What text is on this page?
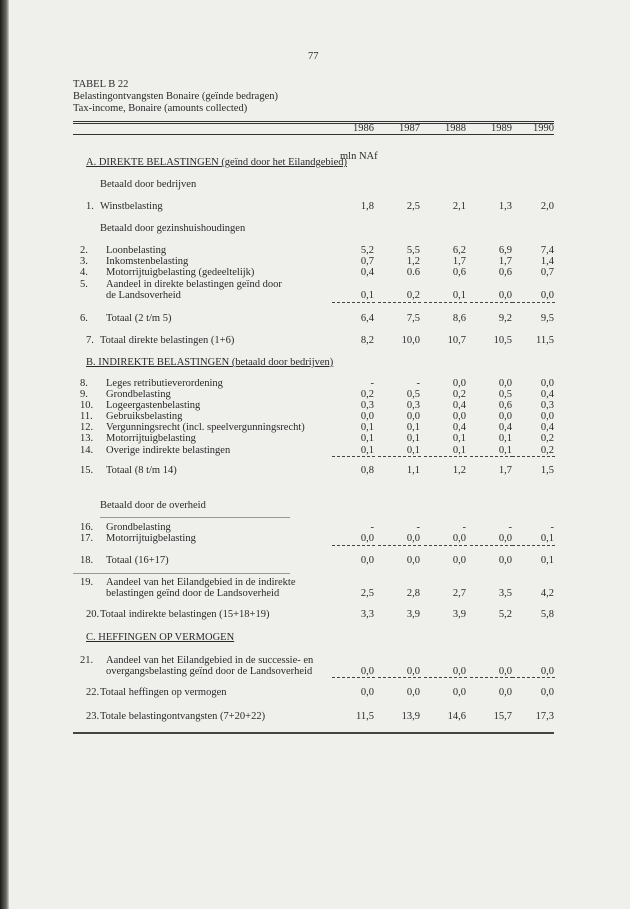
77
TABEL B 22
Belastingontvangsten Bonaire (geïnde bedragen)
Tax-income, Bonaire (amounts collected)
1986	1987	1988	1989	1990
mln NAf
A. DIREKTE BELASTINGEN (geïnd door het Eilandgebied)
Betaald door bedrijven
1. Winstbelasting	1,8	2,5	2,1	1,3	2,0
Betaald door gezinshuishoudingen
2. Loonbelasting	5,2	5,5	6,2	6,9	7,4
3. Inkomstenbelasting	0,7	1,2	1,7	1,7	1,4
4. Motorrijtuigbelasting (gedeeltelijk)	0,4	0.6	0,6	0,6	0,7
5. Aandeel in direkte belastingen geïnd door
de Landsoverheid	0,1	0,2	0,1	0,0	0,0
6. Totaal (2 t/m 5)	6,4	7,5	8,6	9,2	9,5
7. Totaal direkte belastingen (1+6)	8,2	10,0	10,7	10,5	11,5
B. INDIREKTE BELASTINGEN (betaald door bedrijven)
8. Leges retributieverordening	-	-	0,0	0,0	0,0
9. Grondbelasting	0,2	0,5	0,2	0,5	0,4
10. Logeergastenbelasting	0,3	0,3	0,4	0,6	0,3
11. Gebruiksbelasting	0,0	0,0	0,0	0,0	0,0
12. Vergunningsrecht (incl. speelvergunningsrecht)	0,1	0,1	0,4	0,4	0,4
13. Motorrijtuigbelasting	0,1	0,1	0,1	0,1	0,2
14. Overige indirekte belastingen	0,1	0,1	0,1	0,1	0,2
15. Totaal (8 t/m 14)	0,8	1,1	1,2	1,7	1,5
Betaald door de overheid
16. Grondbelasting	-	-	-	-	-
17. Motorrijtuigbelasting	0,0	0,0	0,0	0,0	0,1
18. Totaal (16+17)	0,0	0,0	0,0	0,0	0,1
19. Aandeel van het Eilandgebied in de indirekte
belastingen geïnd door de Landsoverheid	2,5	2,8	2,7	3,5	4,2
20. Totaal indirekte belastingen (15+18+19)	3,3	3,9	3,9	5,2	5,8
C. HEFFINGEN OP VERMOGEN
21. Aandeel van het Eilandgebied in de successie- en
overgangsbelasting geïnd door de Landsoverheid	0,0	0,0	0,0	0,0	0,0
22. Totaal heffingen op vermogen	0,0	0,0	0,0	0,0	0,0
23. Totale belastingontvangsten (7+20+22)	11,5	13,9	14,6	15,7	17,3
